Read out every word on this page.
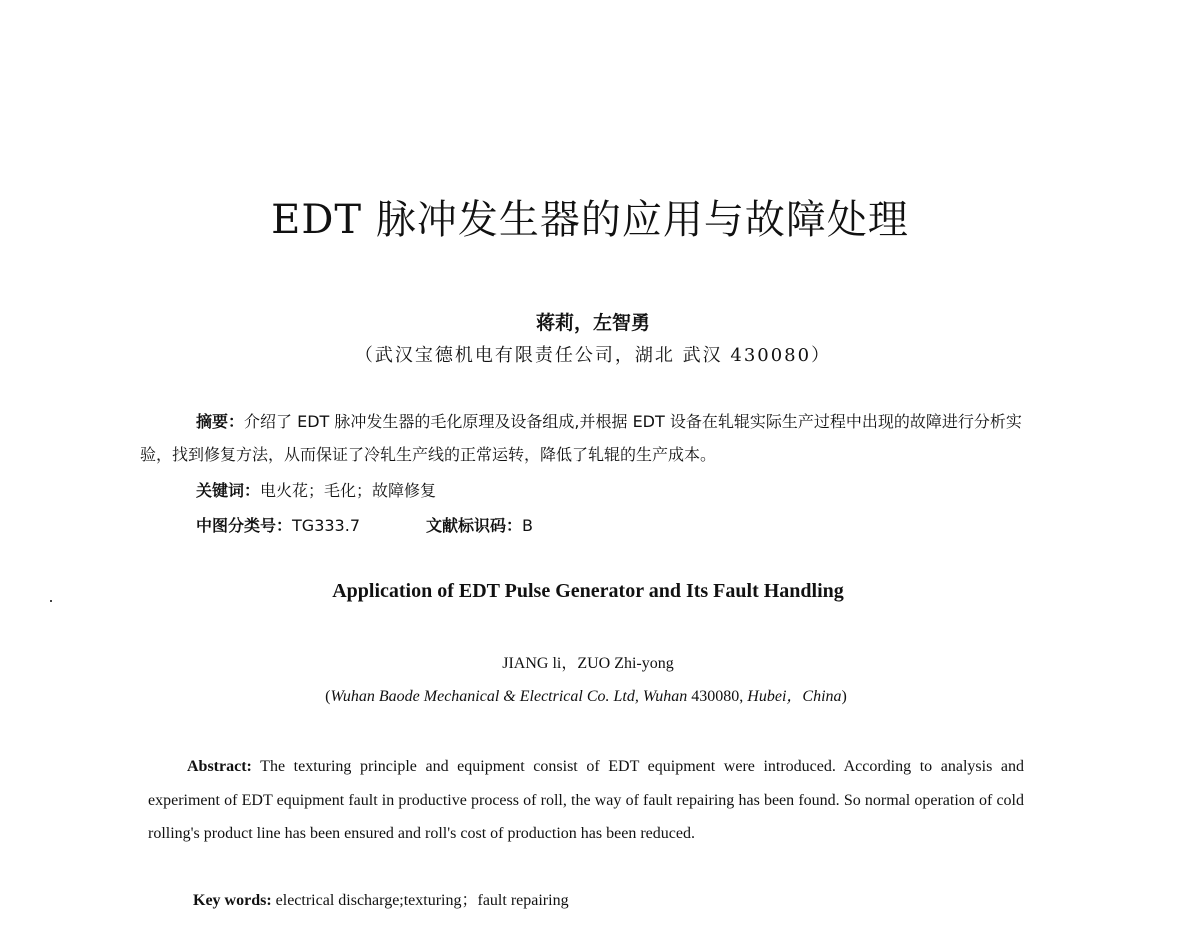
EDT 脉冲发生器的应用与故障处理
蒋莉，左智勇
（武汉宝德机电有限责任公司，湖北 武汉 430080）
摘要：介绍了 EDT 脉冲发生器的毛化原理及设备组成,并根据 EDT 设备在轧辊实际生产过程中出现的故障进行分析实验，找到修复方法，从而保证了冷轧生产线的正常运转，降低了轧辊的生产成本。
关键词：电火花；毛化；故障修复
中图分类号：TG333.7	文献标识码：B
Application of EDT Pulse Generator and Its Fault Handling
JIANG li，ZUO Zhi-yong
(Wuhan Baode Mechanical & Electrical Co. Ltd, Wuhan 430080, Hubei，China)
Abstract: The texturing principle and equipment consist of EDT equipment were introduced. According to analysis and experiment of EDT equipment fault in productive process of roll, the way of fault repairing has been found. So normal operation of cold rolling's product line has been ensured and roll's cost of production has been reduced.
Key words: electrical discharge;texturing；fault repairing
